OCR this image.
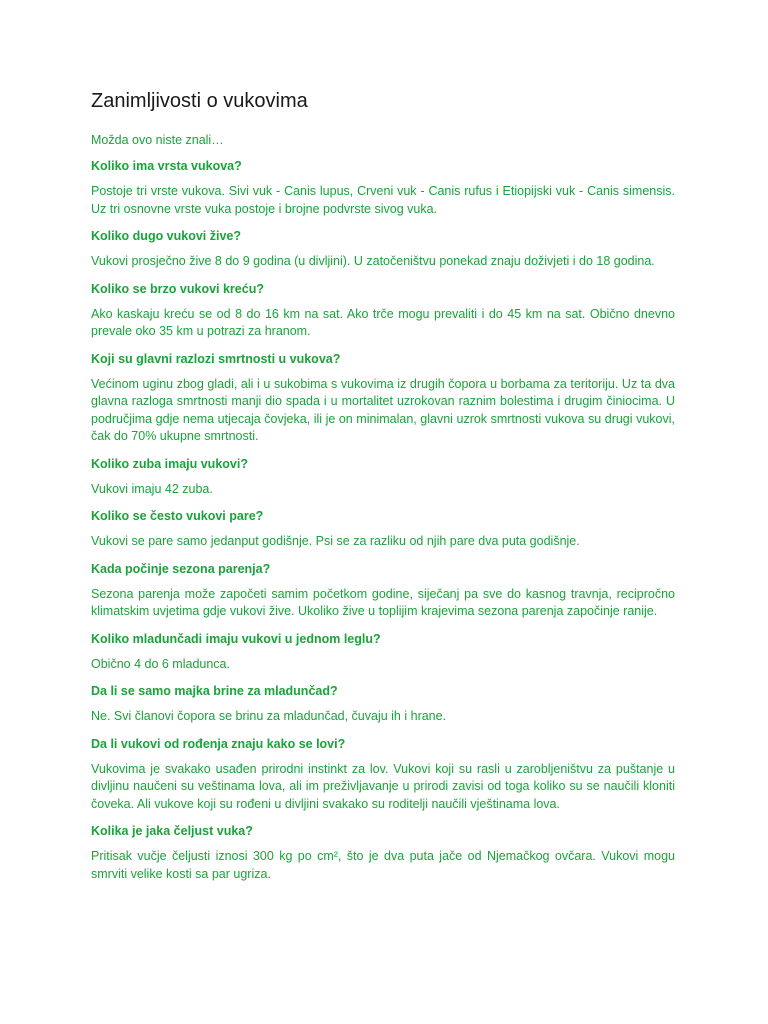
Zanimljivosti o vukovima

Možda ovo niste znali…

Koliko ima vrsta vukova?

Postoje tri vrste vukova. Sivi vuk - Canis lupus, Crveni vuk - Canis rufus i Etiopijski vuk - Canis simensis. Uz tri osnovne vrste vuka postoje i brojne podvrste sivog vuka.

Koliko dugo vukovi žive?

Vukovi prosječno žive 8 do 9 godina (u divljini). U zatočeništvu ponekad znaju doživjeti i do 18 godina.

Koliko se brzo vukovi kreću?

Ako kaskaju kreću se od 8 do 16 km na sat. Ako trče mogu prevaliti i do 45 km na sat. Obično dnevno prevale oko 35 km u potrazi za hranom.

Koji su glavni razlozi smrtnosti u vukova?

Većinom uginu zbog gladi, ali i u sukobima s vukovima iz drugih čopora u borbama za teritoriju. Uz ta dva glavna razloga smrtnosti manji dio spada i u mortalitet uzrokovan raznim bolestima i drugim činiocima. U područjima gdje nema utjecaja čovjeka, ili je on minimalan, glavni uzrok smrtnosti vukova su drugi vukovi, čak do 70% ukupne smrtnosti.

Koliko zuba imaju vukovi?

Vukovi imaju 42 zuba.

Koliko se često vukovi pare?

Vukovi se pare samo jedanput godišnje. Psi se za razliku od njih pare dva puta godišnje.

Kada počinje sezona parenja?

Sezona parenja može započeti samim početkom godine, siječanj pa sve do kasnog travnja, recipročno klimatskim uvjetima gdje vukovi žive. Ukoliko žive u toplijim krajevima sezona parenja započinje ranije.

Koliko mladunčadi imaju vukovi u jednom leglu?

Obično 4 do 6 mladunca.

Da li se samo majka brine za mladunčad?

Ne. Svi članovi čopora se brinu za mladunčad, čuvaju ih i hrane.

Da li vukovi od rođenja znaju kako se lovi?

Vukovima je svakako usađen prirodni instinkt za lov. Vukovi koji su rasli u zarobljeništvu za puštanje u divljinu naučeni su veštinama lova, ali im preživljavanje u prirodi zavisi od toga koliko su se naučili kloniti čoveka. Ali vukove koji su rođeni u divljini svakako su roditelji naučili vještinama lova.

Kolika je jaka čeljust vuka?

Pritisak vučje čeljusti iznosi 300 kg po cm², što je dva puta jače od Njemačkog ovčara. Vukovi mogu smrviti velike kosti sa par ugriza.
